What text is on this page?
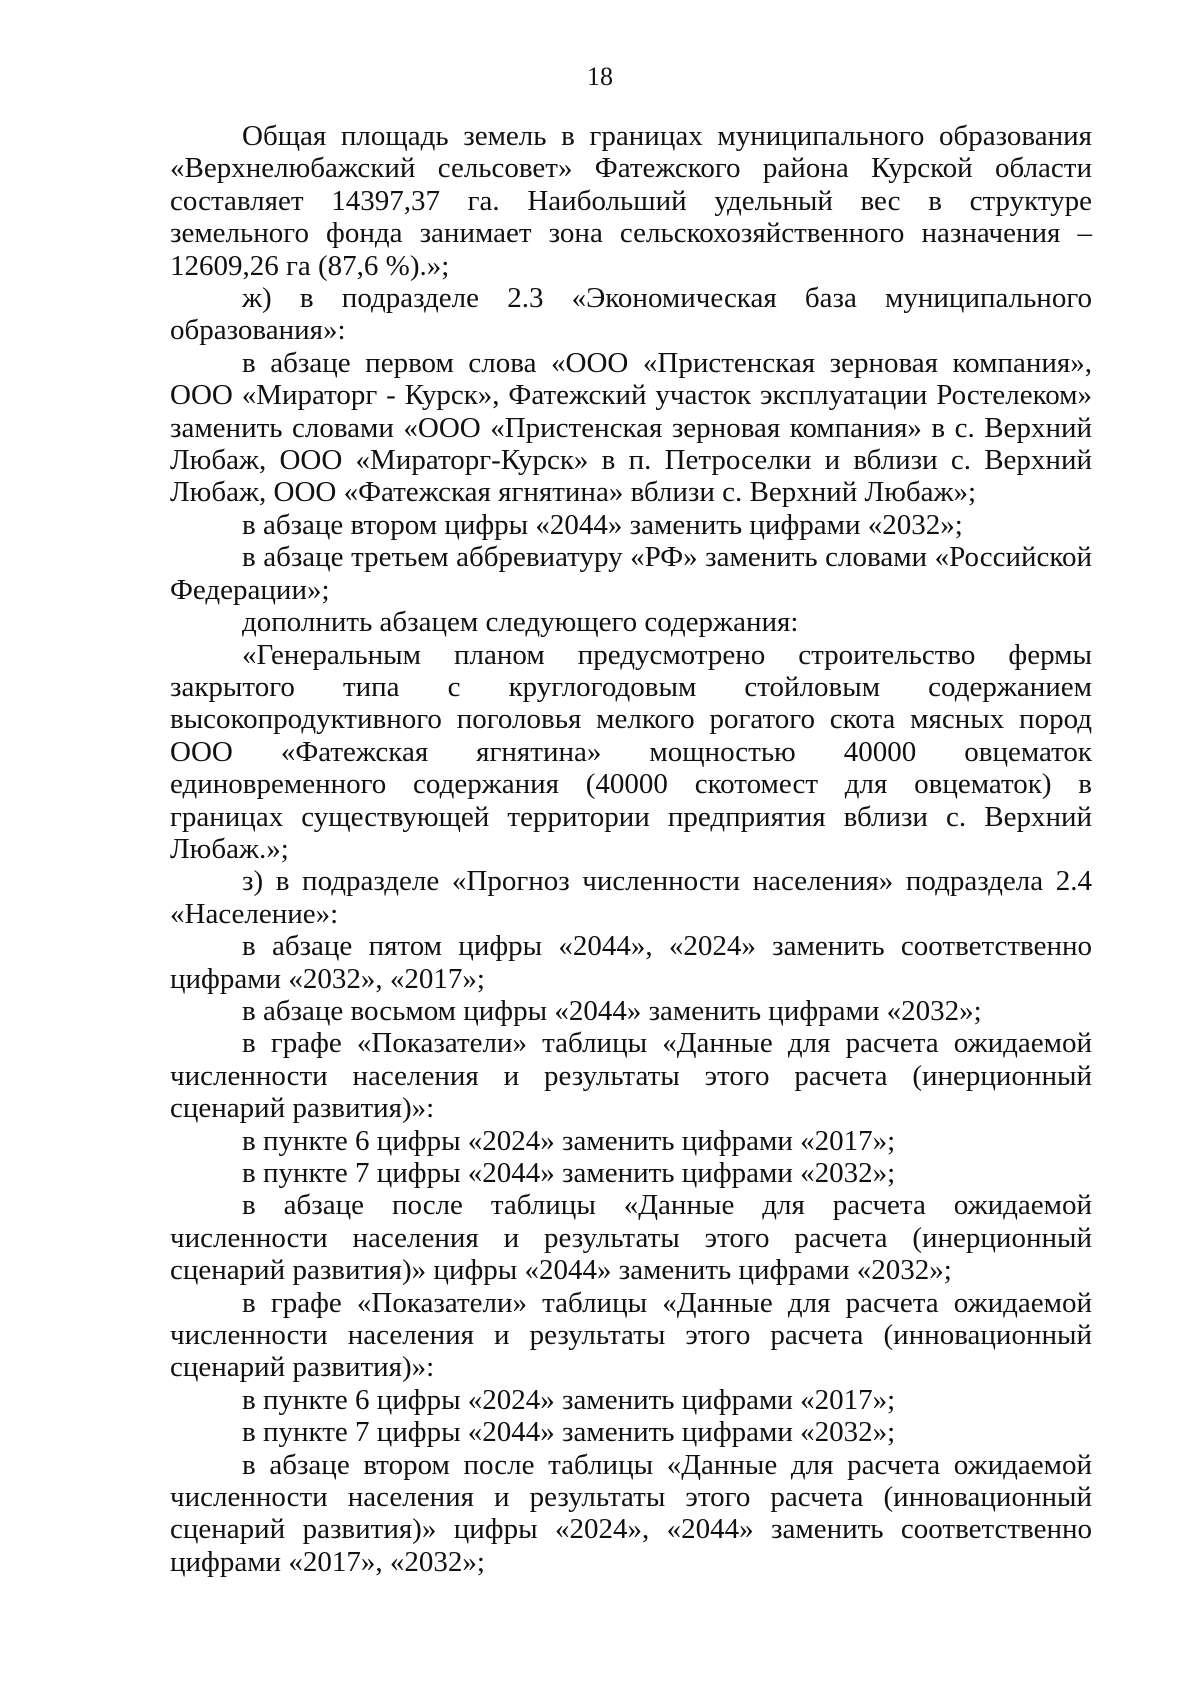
18

Общая площадь земель в границах муниципального образования «Верхнелюбажский сельсовет» Фатежского района Курской области составляет 14397,37 га. Наибольший удельный вес в структуре земельного фонда занимает зона сельскохозяйственного назначения – 12609,26 га (87,6 %).»;

ж) в подразделе 2.3 «Экономическая база муниципального образования»:

в абзаце первом слова «ООО «Пристенская зерновая компания», ООО «Мираторг - Курск», Фатежский участок эксплуатации Ростелеком» заменить словами «ООО «Пристенская зерновая компания» в с. Верхний Любаж, ООО «Мираторг-Курск» в п. Петроселки и вблизи с. Верхний Любаж, ООО «Фатежская ягнятина» вблизи с. Верхний Любаж»;

в абзаце втором цифры «2044» заменить цифрами «2032»;

в абзаце третьем аббревиатуру «РФ» заменить словами «Российской Федерации»;

дополнить абзацем следующего содержания:

«Генеральным планом предусмотрено строительство фермы закрытого типа с круглогодовым стойловым содержанием высокопродуктивного поголовья мелкого рогатого скота мясных пород ООО «Фатежская ягнятина» мощностью 40000 овцематок единовременного содержания (40000 скотомест для овцематок) в границах существующей территории предприятия вблизи с. Верхний Любаж.»;

з) в подразделе «Прогноз численности населения» подраздела 2.4 «Население»:

в абзаце пятом цифры «2044», «2024» заменить соответственно цифрами «2032», «2017»;

в абзаце восьмом цифры «2044» заменить цифрами «2032»;

в графе «Показатели» таблицы «Данные для расчета ожидаемой численности населения и результаты этого расчета (инерционный сценарий развития)»:

в пункте 6 цифры «2024» заменить цифрами «2017»;

в пункте 7 цифры «2044» заменить цифрами «2032»;

в абзаце после таблицы «Данные для расчета ожидаемой численности населения и результаты этого расчета (инерционный сценарий развития)» цифры «2044» заменить цифрами «2032»;

в графе «Показатели» таблицы «Данные для расчета ожидаемой численности населения и результаты этого расчета (инновационный сценарий развития)»:

в пункте 6 цифры «2024» заменить цифрами «2017»;

в пункте 7 цифры «2044» заменить цифрами «2032»;

в абзаце втором после таблицы «Данные для расчета ожидаемой численности населения и результаты этого расчета (инновационный сценарий развития)» цифры «2024», «2044» заменить соответственно цифрами «2017», «2032»;
